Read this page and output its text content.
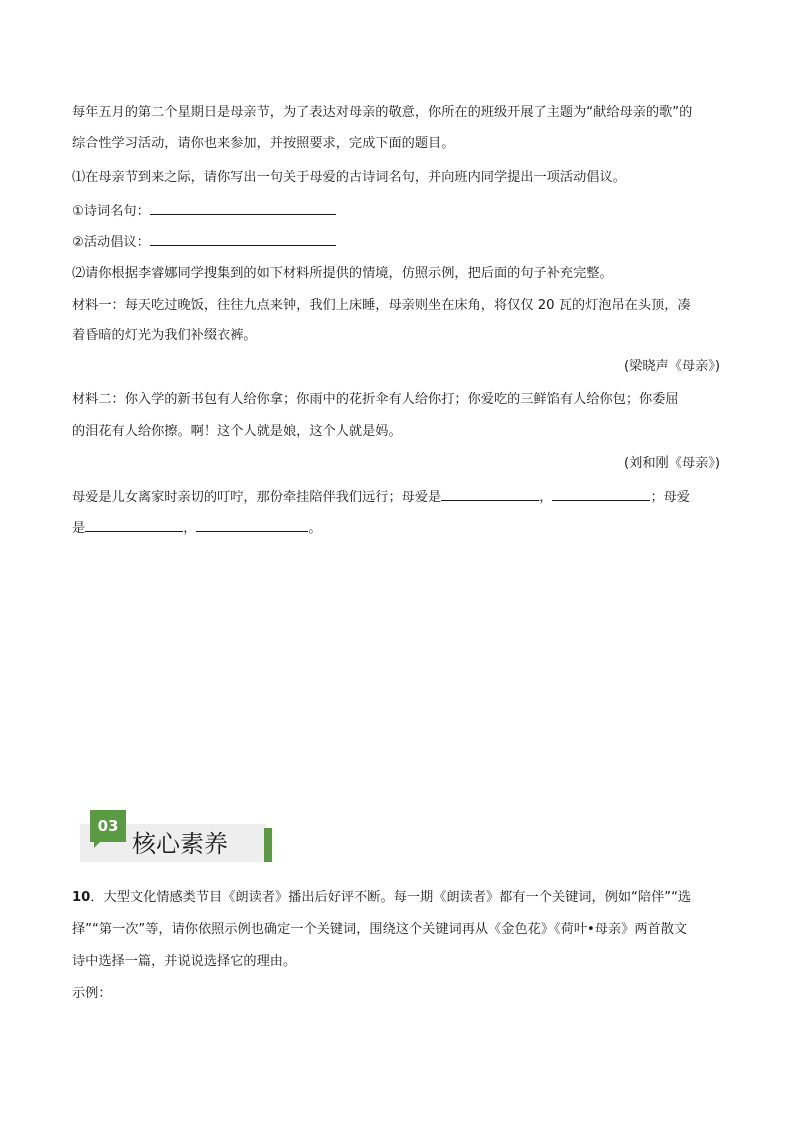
每年五月的第二个星期日是母亲节，为了表达对母亲的敬意，你所在的班级开展了主题为“献给母亲的歌”的
综合性学习活动，请你也来参加，并按照要求，完成下面的题目。
⑴在母亲节到来之际，请你写出一句关于母爱的古诗词名句，并向班内同学提出一项活动倡议。
①诗词名句：
②活动倡议：
⑵请你根据李睿娜同学搜集到的如下材料所提供的情境，仿照示例，把后面的句子补充完整。
材料一：每天吃过晚饭，往往九点来钟，我们上床睡，母亲则坐在床角，将仅仅 20 瓦的灯泡吊在头顶，凑
着昏暗的灯光为我们补缀衣裤。
(梁晓声《母亲》)
材料二：你入学的新书包有人给你拿；你雨中的花折伞有人给你打；你爱吃的三鲜馅有人给你包；你委屈
的泪花有人给你擦。啊！这个人就是娘，这个人就是妈。
(刘和刚《母亲》)
母爱是儿女离家时亲切的叮咛，那份牵挂陪伴我们远行；母爱是	，	；母爱
是	，	。
03
核心素养
10．大型文化情感类节目《朗读者》播出后好评不断。每一期《朗读者》都有一个关键词，例如“陪伴”“选
择”“第一次”等，请你依照示例也确定一个关键词，围绕这个关键词再从《金色花》《荷叶•母亲》两首散文
诗中选择一篇，并说说选择它的理由。
示例：
